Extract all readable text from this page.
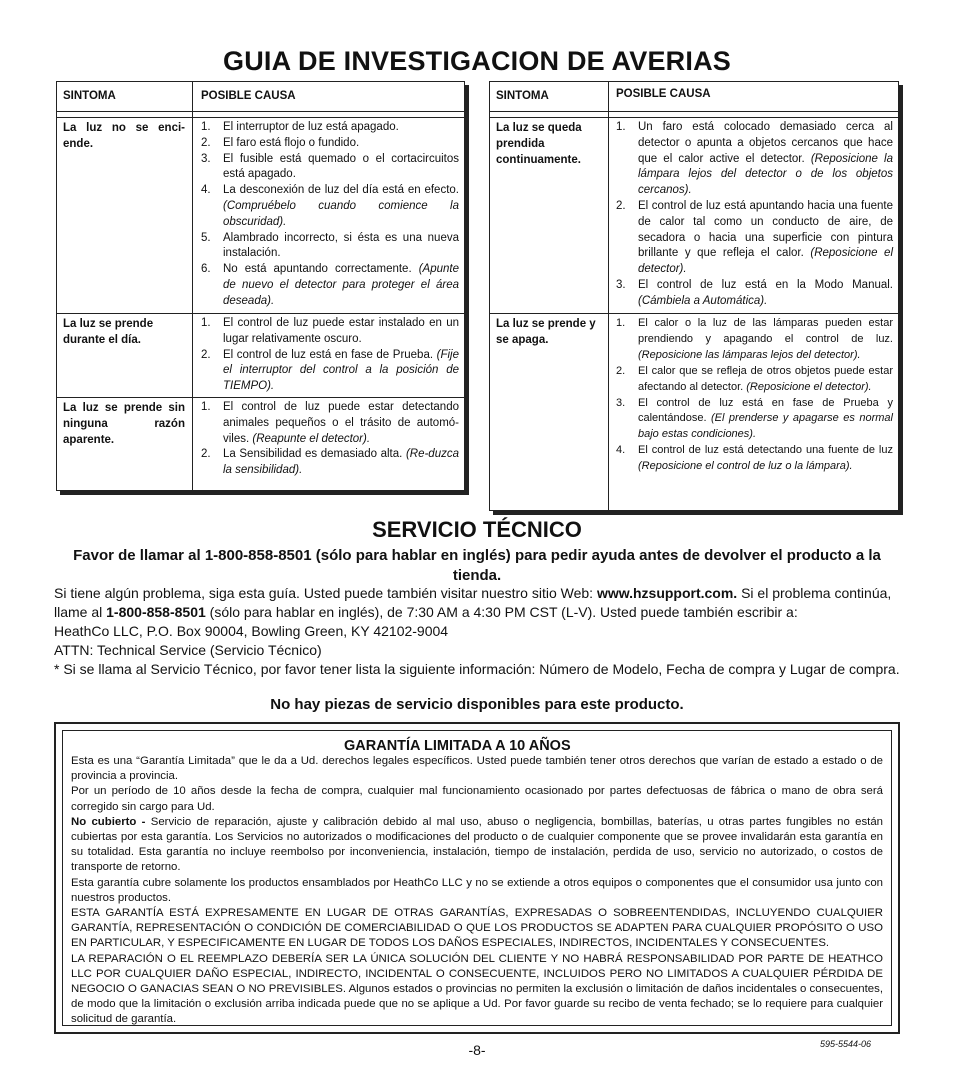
GUIA DE INVESTIGACION DE AVERIAS
SINTOMA	POSIBLE CAUSA
La luz no se enci-ende.
1. El interruptor de luz está apagado.
2. El faro está flojo o fundido.
3. El fusible está quemado o el cortacircuitos está apagado.
4. La desconexión de luz del día está en efecto. (Compruébelo cuando comience la obscuridad).
5. Alambrado incorrecto, si ésta es una nueva instalación.
6. No está apuntando correctamente. (Apunte de nuevo el detector para proteger el área deseada).
La luz se prende durante el día.
1. El control de luz puede estar instalado en un lugar relativamente oscuro.
2. El control de luz está en fase de Prueba. (Fije el interruptor del control a la posición de TIEMPO).
La luz se prende sin ninguna razón aparente.
1. El control de luz puede estar detectando animales pequeños o el trásito de automó-viles. (Reapunte el detector).
2. La Sensibilidad es demasiado alta. (Re-duzca la sensibilidad).
SINTOMA	POSIBLE CAUSA
La luz se queda prendida continuamente.
1. Un faro está colocado demasiado cerca al detector o apunta a objetos cercanos que hace que el calor active el detector. (Reposicione la lámpara lejos del detector o de los objetos cercanos).
2. El control de luz está apuntando hacia una fuente de calor tal como un conducto de aire, de secadora o hacia una superficie con pintura brillante y que refleja el calor. (Reposicione el detector).
3. El control de luz está en la Modo Manual. (Cámbiela a Automática).
La luz se prende y se apaga.
1. El calor o la luz de las lámparas pueden estar prendiendo y apagando el control de luz. (Reposicione las lámparas lejos del detector).
2. El calor que se refleja de otros objetos puede estar afectando al detector. (Reposicione el detector).
3. El control de luz está en fase de Prueba y calentándose. (El prenderse y apagarse es normal bajo estas condiciones).
4. El control de luz está detectando una fuente de luz (Reposicione el control de luz o la lámpara).
SERVICIO TÉCNICO
Favor de llamar al 1-800-858-8501 (sólo para hablar en inglés) para pedir ayuda antes de devolver el producto a la tienda.

Si tiene algún problema, siga esta guía. Usted puede también visitar nuestro sitio Web: www.hzsupport.com. Si el problema continúa, llame al 1-800-858-8501 (sólo para hablar en inglés), de 7:30 AM a 4:30 PM CST (L-V). Usted puede también escribir a:

HeathCo LLC, P.O. Box 90004, Bowling Green, KY 42102-9004

ATTN: Technical Service (Servicio Técnico)

* Si se llama al Servicio Técnico, por favor tener lista la siguiente información: Número de Modelo, Fecha de compra y Lugar de compra.

No hay piezas de servicio disponibles para este producto.
GARANTÍA LIMITADA A 10 AÑOS

Esta es una “Garantía Limitada” que le da a Ud. derechos legales específicos. Usted puede también tener otros derechos que varían de estado a estado o de provincia a provincia.

Por un período de 10 años desde la fecha de compra, cualquier mal funcionamiento ocasionado por partes defectuosas de fábrica o mano de obra será corregido sin cargo para Ud.

No cubierto - Servicio de reparación, ajuste y calibración debido al mal uso, abuso o negligencia, bombillas, baterías, u otras partes fungibles no están cubiertas por esta garantía. Los Servicios no autorizados o modificaciones del producto o de cualquier componente que se provee invalidarán esta garantía en su totalidad. Esta garantía no incluye reembolso por inconveniencia, instalación, tiempo de instalación, perdida de uso, servicio no autorizado, o costos de transporte de retorno.

Esta garantía cubre solamente los productos ensamblados por HeathCo LLC y no se extiende a otros equipos o componentes que el consumidor usa junto con nuestros productos.

ESTA GARANTÍA ESTÁ EXPRESAMENTE EN LUGAR DE OTRAS GARANTÍAS, EXPRESADAS O SOBREENTENDIDAS, INCLUYENDO CUALQUIER GARANTÍA, REPRESENTACIÓN O CONDICIÓN DE COMERCIABILIDAD O QUE LOS PRODUCTOS SE ADAPTEN PARA CUALQUIER PROPÓSITO O USO EN PARTICULAR, Y ESPECIFICAMENTE EN LUGAR DE TODOS LOS DAÑOS ESPECIALES, INDIRECTOS, INCIDENTALES Y CONSECUENTES.

LA REPARACIÓN O EL REEMPLAZO DEBERÍA SER LA ÚNICA SOLUCIÓN DEL CLIENTE Y NO HABRÁ RESPONSABILIDAD POR PARTE DE HEATHCO LLC POR CUALQUIER DAÑO ESPECIAL, INDIRECTO, INCIDENTAL O CONSECUENTE, INCLUIDOS PERO NO LIMITADOS A CUALQUIER PÉRDIDA DE NEGOCIO O GANACIAS SEAN O NO PREVISIBLES. Algunos estados o provincias no permiten la exclusión o limitación de daños incidentales o consecuentes, de modo que la limitación o exclusión arriba indicada puede que no se aplique a Ud. Por favor guarde su recibo de venta fechado; se lo requiere para cualquier solicitud de garantía.

-8-	595-5544-06
